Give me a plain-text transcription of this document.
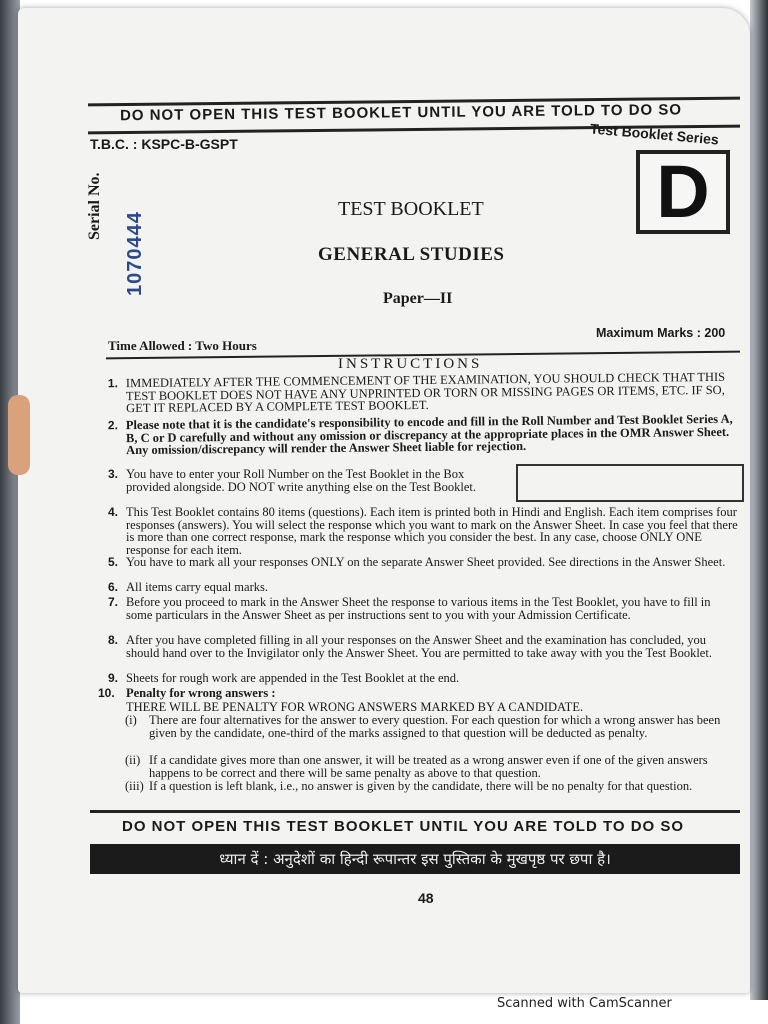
DO NOT OPEN THIS TEST BOOKLET UNTIL YOU ARE TOLD TO DO SO
T.B.C. : KSPC-B-GSPT	Test Booklet Series
D
Serial No.
1070444
TEST BOOKLET
GENERAL STUDIES
Paper—II
Time Allowed : Two Hours
Maximum Marks : 200
INSTRUCTIONS
1. IMMEDIATELY AFTER THE COMMENCEMENT OF THE EXAMINATION, YOU SHOULD CHECK THAT THIS TEST BOOKLET DOES NOT HAVE ANY UNPRINTED OR TORN OR MISSING PAGES OR ITEMS, ETC. IF SO, GET IT REPLACED BY A COMPLETE TEST BOOKLET.
2. Please note that it is the candidate's responsibility to encode and fill in the Roll Number and Test Booklet Series A, B, C or D carefully and without any omission or discrepancy at the appropriate places in the OMR Answer Sheet. Any omission/discrepancy will render the Answer Sheet liable for rejection.
3. You have to enter your Roll Number on the Test Booklet in the Box provided alongside. DO NOT write anything else on the Test Booklet.
4. This Test Booklet contains 80 items (questions). Each item is printed both in Hindi and English. Each item comprises four responses (answers). You will select the response which you want to mark on the Answer Sheet. In case you feel that there is more than one correct response, mark the response which you consider the best. In any case, choose ONLY ONE response for each item.
5. You have to mark all your responses ONLY on the separate Answer Sheet provided. See directions in the Answer Sheet.
6. All items carry equal marks.
7. Before you proceed to mark in the Answer Sheet the response to various items in the Test Booklet, you have to fill in some particulars in the Answer Sheet as per instructions sent to you with your Admission Certificate.
8. After you have completed filling in all your responses on the Answer Sheet and the examination has concluded, you should hand over to the Invigilator only the Answer Sheet. You are permitted to take away with you the Test Booklet.
9. Sheets for rough work are appended in the Test Booklet at the end.
10. Penalty for wrong answers :
THERE WILL BE PENALTY FOR WRONG ANSWERS MARKED BY A CANDIDATE.
(i) There are four alternatives for the answer to every question. For each question for which a wrong answer has been given by the candidate, one-third of the marks assigned to that question will be deducted as penalty.
(ii) If a candidate gives more than one answer, it will be treated as a wrong answer even if one of the given answers happens to be correct and there will be same penalty as above to that question.
(iii) If a question is left blank, i.e., no answer is given by the candidate, there will be no penalty for that question.
DO NOT OPEN THIS TEST BOOKLET UNTIL YOU ARE TOLD TO DO SO
ध्यान दें : अनुदेशों का हिन्दी रूपान्तर इस पुस्तिका के मुखपृष्ठ पर छपा है।
48
Scanned with CamScanner
